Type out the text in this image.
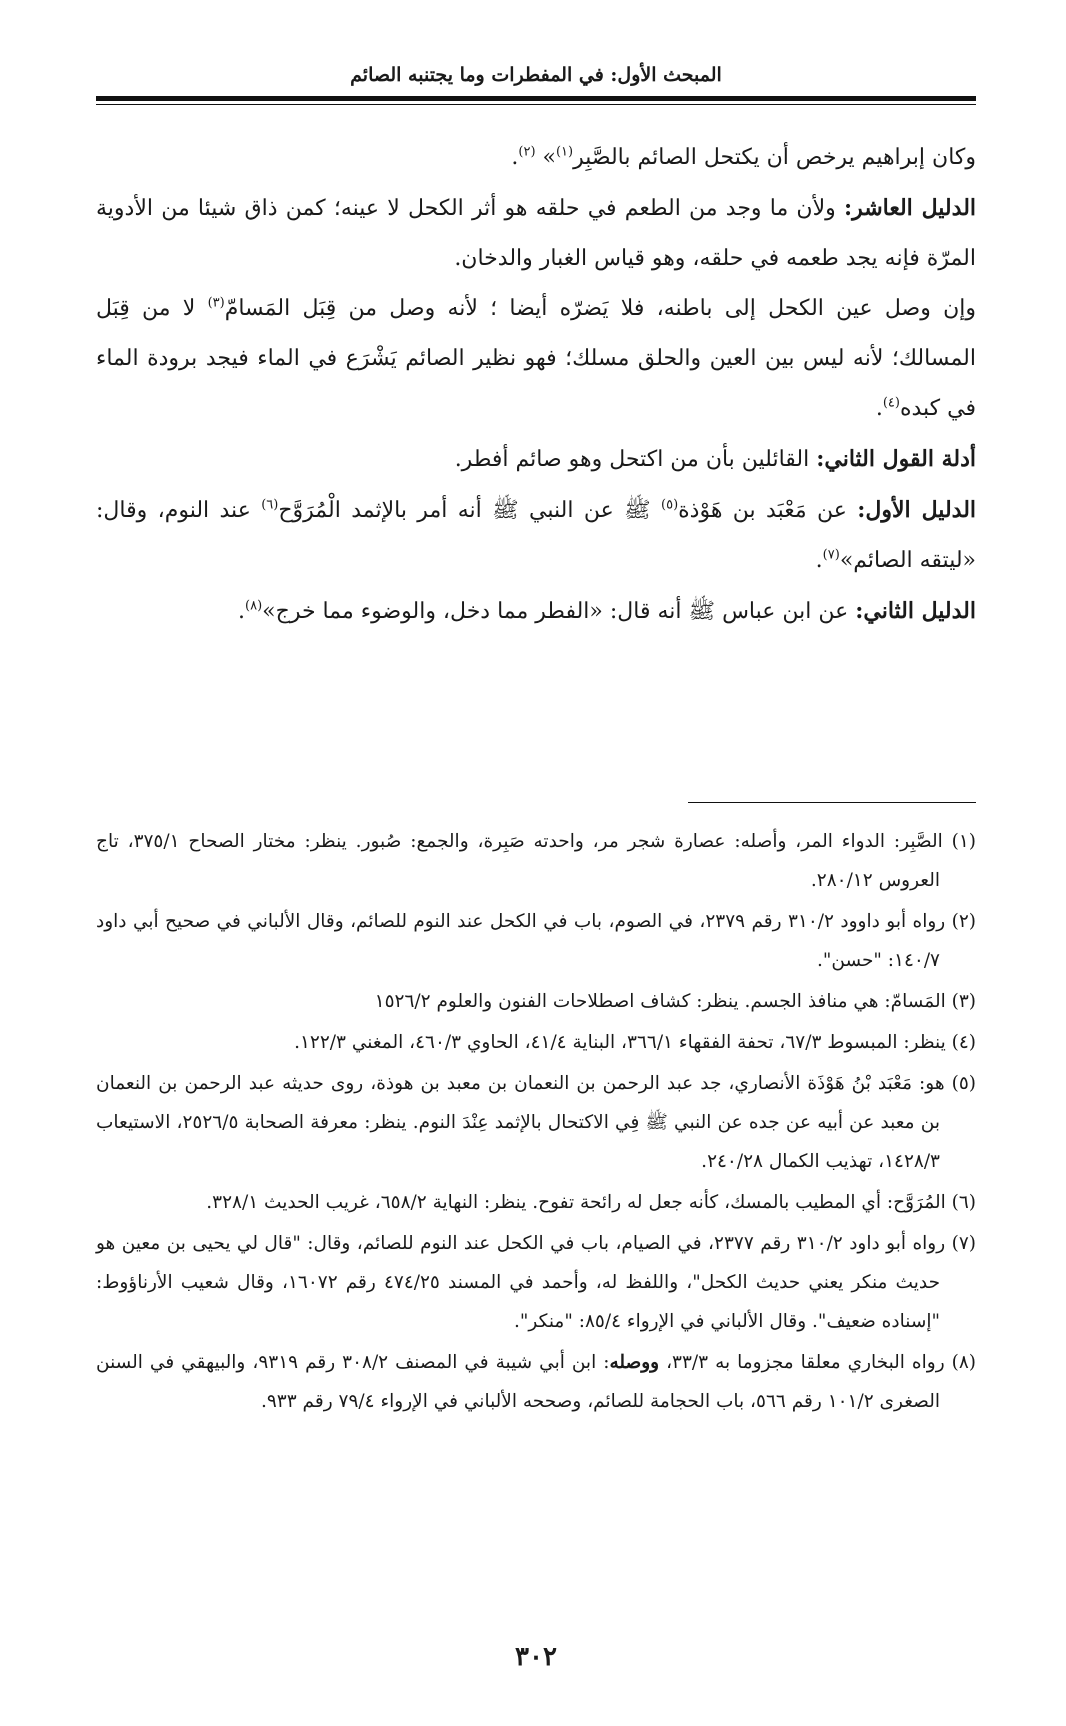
المبحث الأول: في المفطرات وما يجتنبه الصائم

وكان إبراهيم يرخص أن يكتحل الصائم بالصَّبِر$^{(١)}$» $^{(٢)}$.

الدليل العاشر: ولأن ما وجد من الطعم في حلقه هو أثر الكحل لا عينه؛ كمن ذاق شيئا من الأدوية المرّة فإنه يجد طعمه في حلقه، وهو قياس الغبار والدخان.

وإن وصل عين الكحل إلى باطنه، فلا يَضرّه أيضا ؛ لأنه وصل من قِبَل المَسامّ$^{(٣)}$ لا من قِبَل المسالك؛ لأنه ليس بين العين والحلق مسلك؛ فهو نظير الصائم يَشْرَع في الماء فيجد برودة الماء في كبده$^{(٤)}$.

أدلة القول الثاني: القائلين بأن من اكتحل وهو صائم أفطر.

الدليل الأول: عن مَعْبَد بن هَوْذة$^{(٥)}$ ﷺ عن النبي ﷺ أنه أمر بالإثمد الْمُرَوَّح$^{(٦)}$ عند النوم، وقال: «ليتقه الصائم»$^{(٧)}$.

الدليل الثاني: عن ابن عباس ﷺ أنه قال: «الفطر مما دخل، والوضوء مما خرج»$^{(٨)}$.

(١) الصَّبِر: الدواء المر، وأصله: عصارة شجر مر، واحدته صَبِرة، والجمع: صُبور. ينظر: مختار الصحاح ٣٧٥/١، تاج العروس ٢٨٠/١٢.

(٢) رواه أبو داوود ٣١٠/٢ رقم ٢٣٧٩، في الصوم، باب في الكحل عند النوم للصائم، وقال الألباني في صحيح أبي داود ١٤٠/٧: "حسن".

(٣) المَسامّ: هي منافذ الجسم. ينظر: كشاف اصطلاحات الفنون والعلوم ١٥٢٦/٢

(٤) ينظر: المبسوط ٦٧/٣، تحفة الفقهاء ٣٦٦/١، البناية ٤١/٤، الحاوي ٤٦٠/٣، المغني ١٢٢/٣.

(٥) هو: مَعْبَد بْنُ هَوْذَة الأنصاري، جد عبد الرحمن بن النعمان بن معبد بن هوذة، روى حديثه عبد الرحمن بن النعمان بن معبد عن أبيه عن جده عن النبي ﷺ فِي الاكتحال بالإثمد عِنْدَ النوم. ينظر: معرفة الصحابة ٢٥٢٦/٥، الاستيعاب ١٤٢٨/٣، تهذيب الكمال ٢٤٠/٢٨.

(٦) المُرَوَّح: أي المطيب بالمسك، كأنه جعل له رائحة تفوح. ينظر: النهاية ٦٥٨/٢، غريب الحديث ٣٢٨/١.

(٧) رواه أبو داود ٣١٠/٢ رقم ٢٣٧٧، في الصيام، باب في الكحل عند النوم للصائم، وقال: "قال لي يحيى بن معين هو حديث منكر يعني حديث الكحل"، واللفظ له، وأحمد في المسند ٤٧٤/٢٥ رقم ١٦٠٧٢، وقال شعيب الأرناؤوط: "إسناده ضعيف". وقال الألباني في الإرواء ٨٥/٤: "منكر".

(٨) رواه البخاري معلقا مجزوما به ٣٣/٣، ووصله: ابن أبي شيبة في المصنف ٣٠٨/٢ رقم ٩٣١٩، والبيهقي في السنن الصغرى ١٠١/٢ رقم ٥٦٦، باب الحجامة للصائم، وصححه الألباني في الإرواء ٧٩/٤ رقم ٩٣٣.

٣٠٢
